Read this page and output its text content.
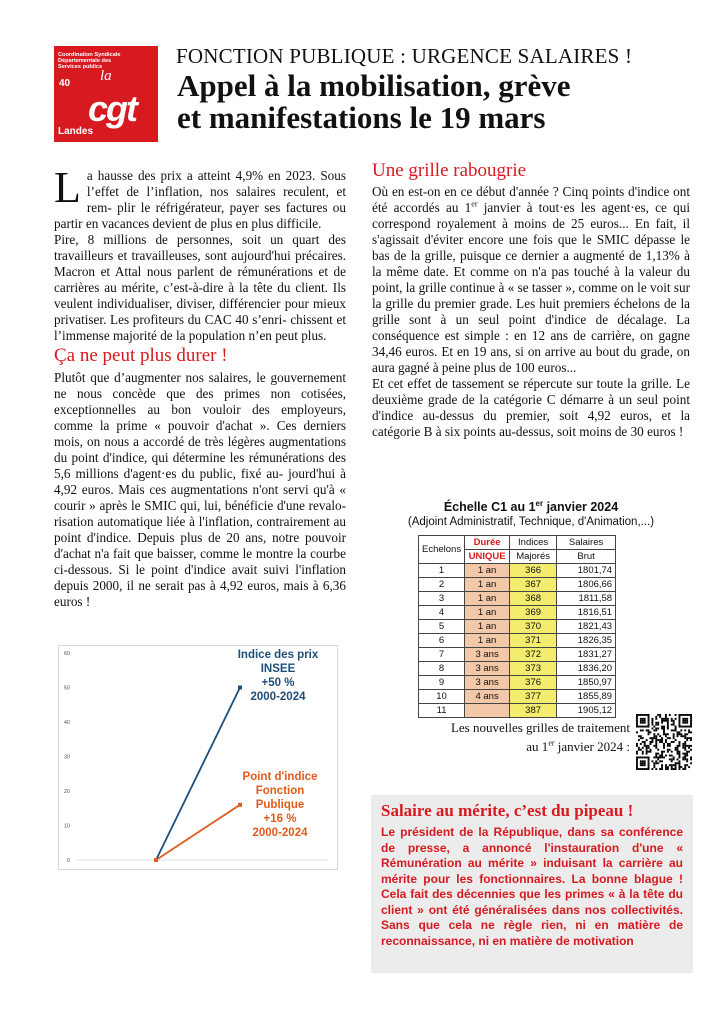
Coordination Syndicale Départementale des Services publics
40 la
cgt
Landes
FONCTION PUBLIQUE : URGENCE SALAIRES !
Appel à la mobilisation, grève
et manifestations le 19 mars
L a hausse des prix a atteint 4,9% en 2023. Sous l’effet de l’inflation, nos salaires reculent, et rem- plir le réfrigérateur, payer ses factures ou partir en vacances devient de plus en plus difficile.
Pire, 8 millions de personnes, soit un quart des travailleurs et travailleuses, sont aujourd'hui précaires. Macron et Attal nous parlent de rémunérations et de carrières au mérite, c’est-à-dire à la tête du client. Ils veulent individualiser, diviser, différencier pour mieux privatiser. Les profiteurs du CAC 40 s’enri- chissent et l’immense majorité de la population n’en peut plus.
Ça ne peut plus durer !
Plutôt que d’augmenter nos salaires, le gouvernement ne nous concède que des primes non cotisées, exceptionnelles au bon vouloir des employeurs, comme la prime « pouvoir d'achat ». Ces derniers mois, on nous a accordé de très légères augmentations du point d'indice, qui détermine les rémunérations des 5,6 millions d'agent·es du public, fixé au- jourd'hui à 4,92 euros. Mais ces augmentations n'ont servi qu'à « courir » après le SMIC qui, lui, bénéficie d'une revalo- risation automatique liée à l'inflation, contrairement au point d'indice. Depuis plus de 20 ans, notre pouvoir d'achat n'a fait que baisser, comme le montre la courbe ci-dessous. Si le point d'indice avait suivi l'inflation depuis 2000, il ne serait pas à 4,92 euros, mais à 6,36 euros !
Une grille rabougrie
Où en est-on en ce début d'année ? Cinq points d'indice ont été accordés au 1er janvier à tout·es les agent·es, ce qui correspond royalement à moins de 25 euros... En fait, il s'agissait d'éviter encore une fois que le SMIC dépasse le bas de la grille, puisque ce dernier a augmenté de 1,13% à la même date. Et comme on n'a pas touché à la valeur du point, la grille continue à « se tasser », comme on le voit sur la grille du premier grade. Les huit premiers échelons de la grille sont à un seul point d'indice de décalage. La conséquence est simple : en 12 ans de carrière, on gagne 34,46 euros. Et en 19 ans, si on arrive au bout du grade, on aura gagné à peine plus de 100 euros...
Et cet effet de tassement se répercute sur toute la grille. Le deuxième grade de la catégorie C démarre à un seul point d'indice au-dessus du premier, soit 4,92 euros, et la catégorie B à six points au-dessus, soit moins de 30 euros !
Échelle C1 au 1er janvier 2024
(Adjoint Administratif, Technique, d'Animation,...)
Echelons	Durée	Indices	Salaires
	UNIQUE	Majorés	Brut
1	1 an	366	1801,74
2	1 an	367	1806,66
3	1 an	368	1811,58
4	1 an	369	1816,51
5	1 an	370	1821,43
6	1 an	371	1826,35
7	3 ans	372	1831,27
8	3 ans	373	1836,20
9	3 ans	376	1850,97
10	4 ans	377	1855,89
11		387	1905,12
Les nouvelles grilles de traitement
au 1er janvier 2024 :
0
10
20
30
40
50
60	Indice des prix
INSEE
+50 %
2000-2024
Point d'indice
Fonction
Publique
+16 %
2000-2024
Salaire au mérite, c’est du pipeau !

Le président de la République, dans sa conférence de presse, a annoncé l'instauration d'une « Rémunération au mérite » induisant la carrière au mérite pour les fonctionnaires. La bonne blague ! Cela fait des décennies que les primes « à la tête du client » ont été généralisées dans nos collectivités. Sans que cela ne règle rien, ni en matière de reconnaissance, ni en matière de motivation
